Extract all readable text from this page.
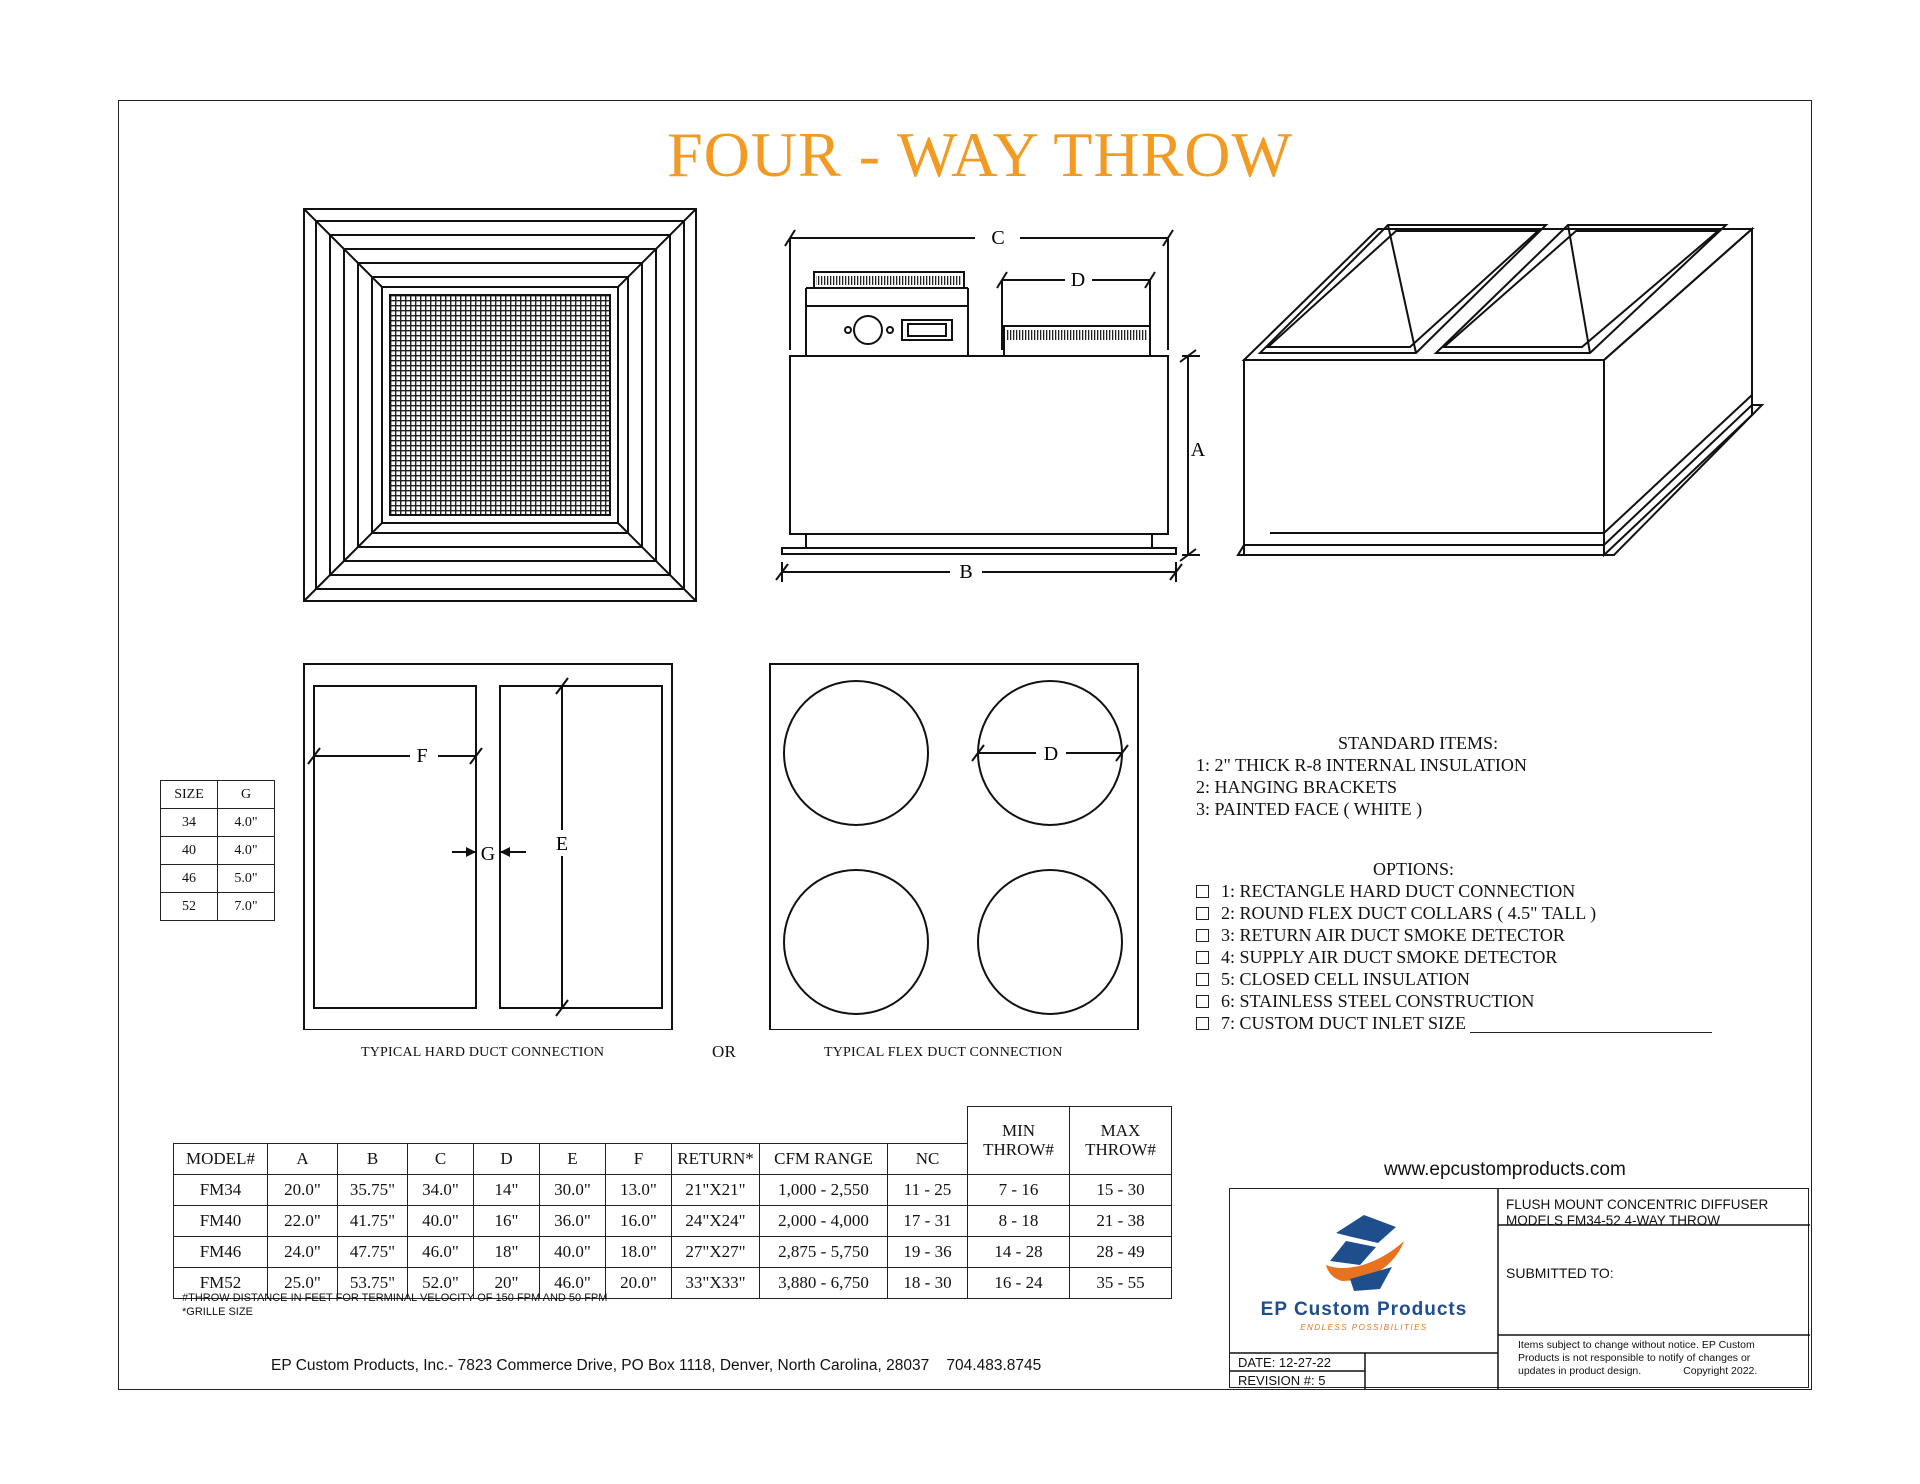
FOUR - WAY THROW
C
D
A
B
F
E
G
D
TYPICAL HARD DUCT CONNECTION	OR	TYPICAL FLEX DUCT CONNECTION
SIZE	G
34	4.0"
40	4.0"
46	5.0"
52	7.0"
STANDARD ITEMS:
1: 2" THICK R-8 INTERNAL INSULATION
2: HANGING BRACKETS
3: PAINTED FACE ( WHITE )
OPTIONS:
1: RECTANGLE HARD DUCT CONNECTION
2: ROUND FLEX DUCT COLLARS ( 4.5" TALL )
3: RETURN AIR DUCT SMOKE DETECTOR
4: SUPPLY AIR DUCT SMOKE DETECTOR
5: CLOSED CELL INSULATION
6: STAINLESS STEEL CONSTRUCTION
7: CUSTOM DUCT INLET SIZE
										MIN
THROW#	MAX
THROW#
MODEL#	A	B	C	D	E	F	RETURN*	CFM RANGE	NC		
FM34	20.0"	35.75"	34.0"	14"	30.0"	13.0"	21"X21"	1,000 - 2,550	11 - 25	7 - 16	15 - 30
FM40	22.0"	41.75"	40.0"	16"	36.0"	16.0"	24"X24"	2,000 - 4,000	17 - 31	8 - 18	21 - 38
FM46	24.0"	47.75"	46.0"	18"	40.0"	18.0"	27"X27"	2,875 - 5,750	19 - 36	14 - 28	28 - 49
FM52	25.0"	53.75"	52.0"	20"	46.0"	20.0"	33"X33"	3,880 - 6,750	18 - 30	16 - 24	35 - 55
#THROW DISTANCE IN FEET FOR TERMINAL VELOCITY OF 150 FPM AND 50 FPM
*GRILLE SIZE
EP Custom Products, Inc.- 7823 Commerce Drive, PO Box 1118, Denver, North Carolina, 28037    704.483.8745
www.epcustomproducts.com
FLUSH MOUNT CONCENTRIC DIFFUSER
MODELS FM34-52 4-WAY THROW
SUBMITTED TO:
Items subject to change without notice. EP Custom
Products is not responsible to notify of changes or
updates in product design.	Copyright 2022.
DATE: 12-27-22
REVISION #: 5
EP Custom Products
ENDLESS POSSIBILITIES
